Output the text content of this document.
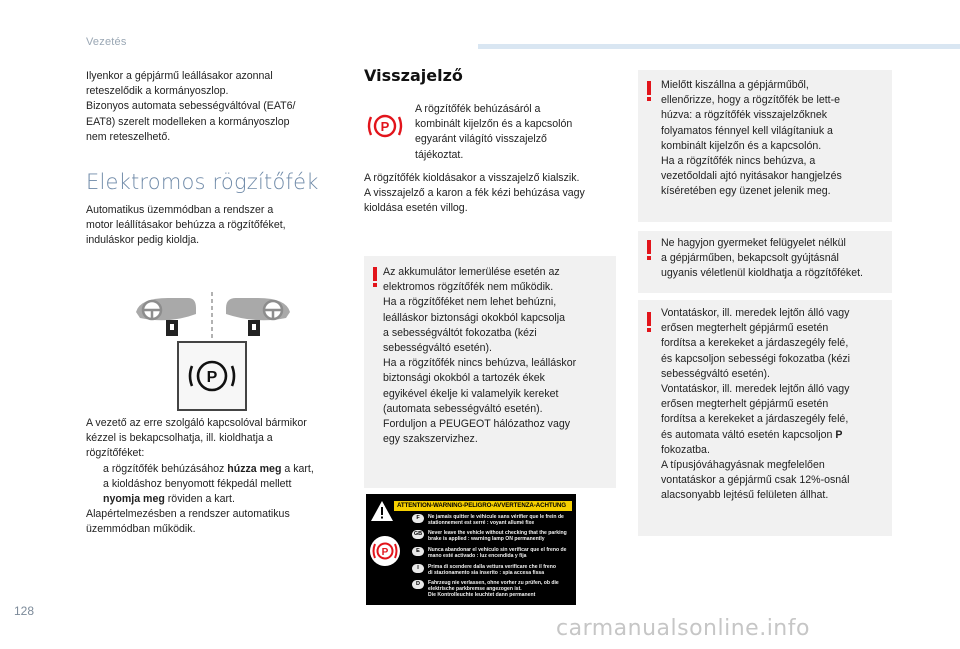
Vezetés
Ilyenkor a gépjármű leállásakor azonnal
reteszelődik a kormányoszlop.
Bizonyos automata sebességváltóval (EAT6/
EAT8) szerelt modelleken a kormányoszlop
nem reteszelhető.
Elektromos rögzítőfék
Automatikus üzemmódban a rendszer a
motor leállításakor behúzza a rögzítőféket,
induláskor pedig kioldja.
P
A vezető az erre szolgáló kapcsolóval bármikor
kézzel is bekapcsolhatja, ill. kioldhatja a
rögzítőféket:
a rögzítőfék behúzásához húzza meg a kart,
a kioldáshoz benyomott fékpedál mellett
nyomja meg röviden a kart.
Alapértelmezésben a rendszer automatikus
üzemmódban működik.
Visszajelző
P
A rögzítőfék behúzásáról a
kombinált kijelzőn és a kapcsolón
egyaránt világító visszajelző
tájékoztat.
A rögzítőfék kioldásakor a visszajelző kialszik.
A visszajelző a karon a fék kézi behúzása vagy
kioldása esetén villog.
Az akkumulátor lemerülése esetén az
elektromos rögzítőfék nem működik.
Ha a rögzítőféket nem lehet behúzni,
leálláskor biztonsági okokból kapcsolja
a sebességváltót fokozatba (kézi
sebességváltó esetén).
Ha a rögzítőfék nincs behúzva, leálláskor
biztonsági okokból a tartozék ékek
egyikével ékelje ki valamelyik kereket
(automata sebességváltó esetén).
Forduljon a PEUGEOT hálózathoz vagy
egy szakszervizhez.
ATTENTION-WARNING-PELIGRO-AVVERTENZA-ACHTUNG
P
F	Ne jamais quitter le véhicule sans vérifier que le frein de
stationnement est serré : voyant allumé fixe
GB	Never leave the vehicle without checking that the parking
brake is applied : warning lamp ON permanently
E	Nunca abandonar el vehículo sin verificar que el freno de
mano esté activado : luz encendida y fija
I	Prima di scendere dalla vettura verificare che il freno
di stazionamento sia inserito : spia accesa fissa
D	Fahrzeug nie verlassen, ohne vorher zu prüfen, ob die
elektrische parkbremse angezogen ist.
Die Kontrolleuchte leuchtet dann permanent
Mielőtt kiszállna a gépjárműből,
ellenőrizze, hogy a rögzítőfék be lett-e
húzva: a rögzítőfék visszajelzőknek
folyamatos fénnyel kell világítaniuk a
kombinált kijelzőn és a kapcsolón.
Ha a rögzítőfék nincs behúzva, a
vezetőoldali ajtó nyitásakor hangjelzés
kíséretében egy üzenet jelenik meg.
Ne hagyjon gyermeket felügyelet nélkül
a gépjárműben, bekapcsolt gyújtásnál
ugyanis véletlenül kioldhatja a rögzítőféket.
Vontatáskor, ill. meredek lejtőn álló vagy
erősen megterhelt gépjármű esetén
fordítsa a kerekeket a járdaszegély felé,
és kapcsoljon sebességi fokozatba (kézi
sebességváltó esetén).
Vontatáskor, ill. meredek lejtőn álló vagy
erősen megterhelt gépjármű esetén
fordítsa a kerekeket a járdaszegély felé,
és automata váltó esetén kapcsoljon P
fokozatba.
A típusjóváhagyásnak megfelelően
vontatáskor a gépjármű csak 12%-osnál
alacsonyabb lejtésű felületen állhat.
128
carmanualsonline.info
